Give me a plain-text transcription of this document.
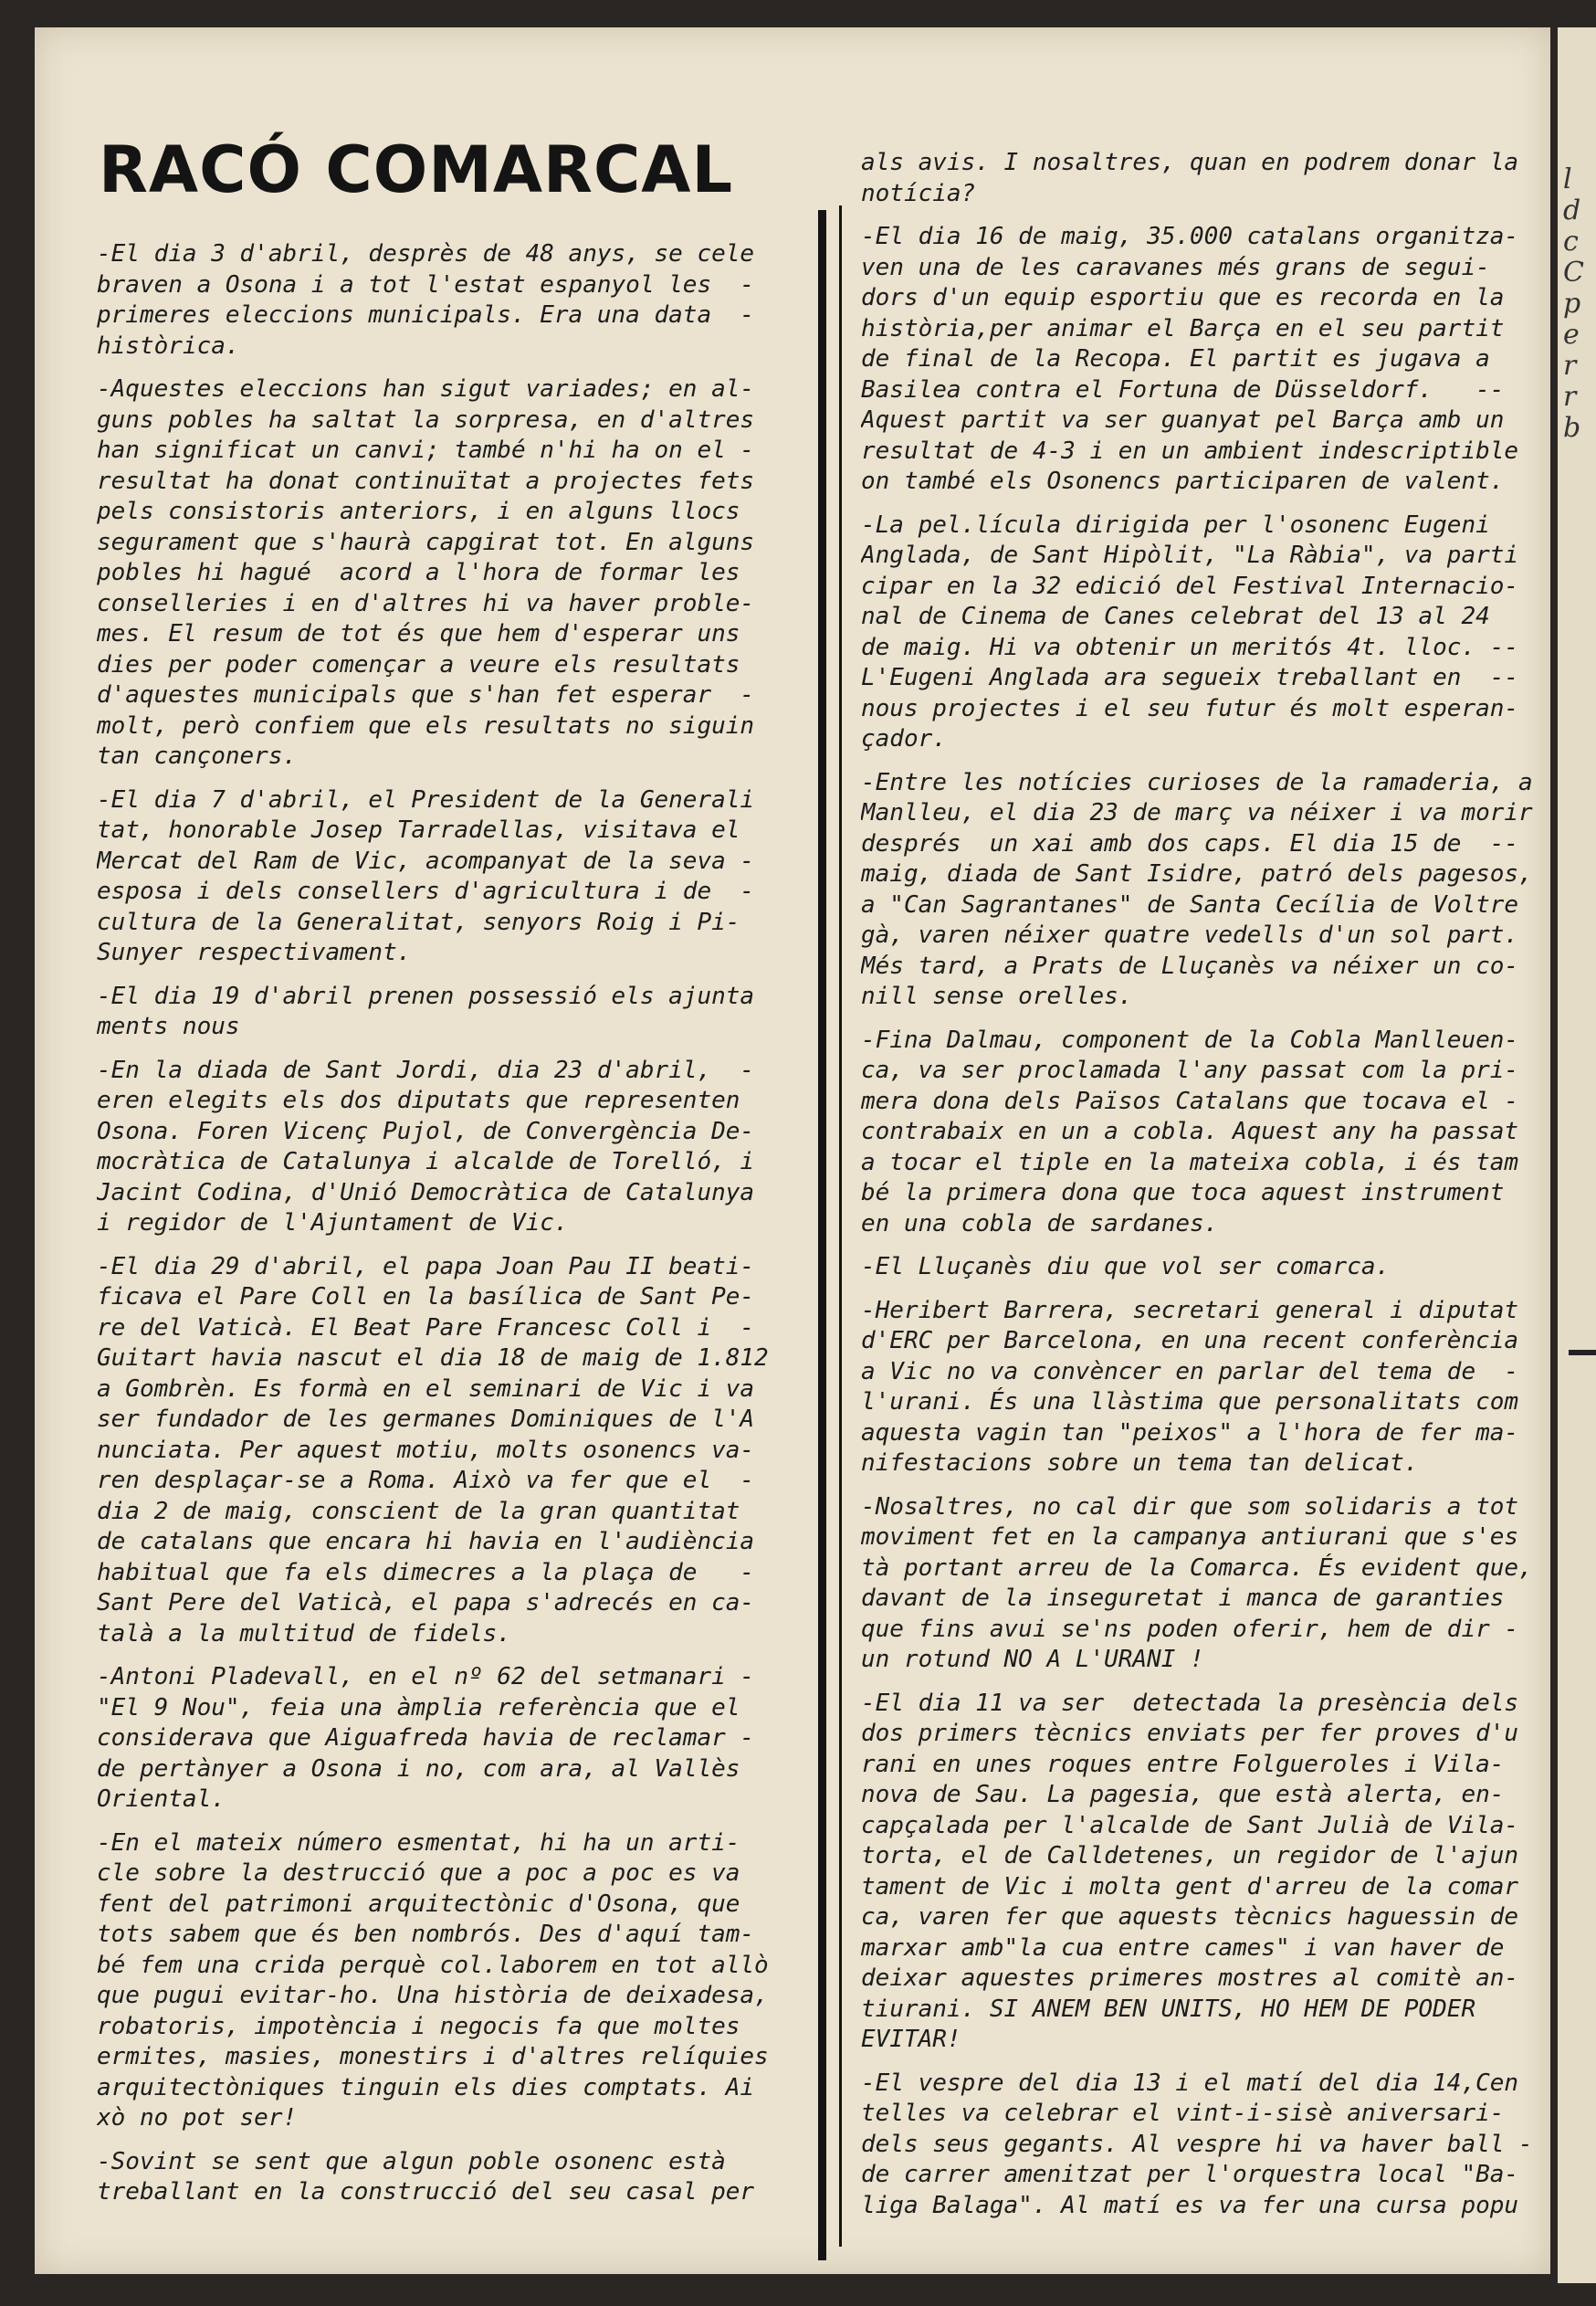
RACÓ COMARCAL

-El dia 3 d'abril, desprès de 48 anys, se cele
braven a Osona i a tot l'estat espanyol les  -
primeres eleccions municipals. Era una data  -
històrica.

-Aquestes eleccions han sigut variades; en al-
guns pobles ha saltat la sorpresa, en d'altres
han significat un canvi; també n'hi ha on el -
resultat ha donat continuïtat a projectes fets
pels consistoris anteriors, i en alguns llocs
segurament que s'haurà capgirat tot. En alguns
pobles hi hagué  acord a l'hora de formar les
conselleries i en d'altres hi va haver proble-
mes. El resum de tot és que hem d'esperar uns
dies per poder començar a veure els resultats
d'aquestes municipals que s'han fet esperar  -
molt, però confiem que els resultats no siguin
tan cançoners.

-El dia 7 d'abril, el President de la Generali
tat, honorable Josep Tarradellas, visitava el
Mercat del Ram de Vic, acompanyat de la seva -
esposa i dels consellers d'agricultura i de  -
cultura de la Generalitat, senyors Roig i Pi-
Sunyer respectivament.

-El dia 19 d'abril prenen possessió els ajunta
ments nous

-En la diada de Sant Jordi, dia 23 d'abril,  -
eren elegits els dos diputats que representen
Osona. Foren Vicenç Pujol, de Convergència De-
mocràtica de Catalunya i alcalde de Torelló, i
Jacint Codina, d'Unió Democràtica de Catalunya
i regidor de l'Ajuntament de Vic.

-El dia 29 d'abril, el papa Joan Pau II beati-
ficava el Pare Coll en la basílica de Sant Pe-
re del Vaticà. El Beat Pare Francesc Coll i  -
Guitart havia nascut el dia 18 de maig de 1.812
a Gombrèn. Es formà en el seminari de Vic i va
ser fundador de les germanes Dominiques de l'A
nunciata. Per aquest motiu, molts osonencs va-
ren desplaçar-se a Roma. Això va fer que el  -
dia 2 de maig, conscient de la gran quantitat
de catalans que encara hi havia en l'audiència
habitual que fa els dimecres a la plaça de   -
Sant Pere del Vaticà, el papa s'adrecés en ca-
talà a la multitud de fidels.

-Antoni Pladevall, en el nº 62 del setmanari -
"El 9 Nou", feia una àmplia referència que el
considerava que Aiguafreda havia de reclamar -
de pertànyer a Osona i no, com ara, al Vallès
Oriental.

-En el mateix número esmentat, hi ha un arti-
cle sobre la destrucció que a poc a poc es va
fent del patrimoni arquitectònic d'Osona, que
tots sabem que és ben nombrós. Des d'aquí tam-
bé fem una crida perquè col.laborem en tot allò
que pugui evitar-ho. Una història de deixadesa,
robatoris, impotència i negocis fa que moltes
ermites, masies, monestirs i d'altres relíquies
arquitectòniques tinguin els dies comptats. Ai
xò no pot ser!

-Sovint se sent que algun poble osonenc està
treballant en la construcció del seu casal per

als avis. I nosaltres, quan en podrem donar la
notícia?

-El dia 16 de maig, 35.000 catalans organitza-
ven una de les caravanes més grans de segui-
dors d'un equip esportiu que es recorda en la
història,per animar el Barça en el seu partit
de final de la Recopa. El partit es jugava a
Basilea contra el Fortuna de Düsseldorf.   --
Aquest partit va ser guanyat pel Barça amb un
resultat de 4-3 i en un ambient indescriptible
on també els Osonencs participaren de valent.

-La pel.lícula dirigida per l'osonenc Eugeni
Anglada, de Sant Hipòlit, "La Ràbia", va parti
cipar en la 32 edició del Festival Internacio-
nal de Cinema de Canes celebrat del 13 al 24
de maig. Hi va obtenir un meritós 4t. lloc. --
L'Eugeni Anglada ara segueix treballant en  --
nous projectes i el seu futur és molt esperan-
çador.

-Entre les notícies curioses de la ramaderia, a
Manlleu, el dia 23 de març va néixer i va morir
després  un xai amb dos caps. El dia 15 de  --
maig, diada de Sant Isidre, patró dels pagesos,
a "Can Sagrantanes" de Santa Cecília de Voltre
gà, varen néixer quatre vedells d'un sol part.
Més tard, a Prats de Lluçanès va néixer un co-
nill sense orelles.

-Fina Dalmau, component de la Cobla Manlleuen-
ca, va ser proclamada l'any passat com la pri-
mera dona dels Països Catalans que tocava el -
contrabaix en un a cobla. Aquest any ha passat
a tocar el tiple en la mateixa cobla, i és tam
bé la primera dona que toca aquest instrument
en una cobla de sardanes.

-El Lluçanès diu que vol ser comarca.

-Heribert Barrera, secretari general i diputat
d'ERC per Barcelona, en una recent conferència
a Vic no va convèncer en parlar del tema de  -
l'urani. És una llàstima que personalitats com
aquesta vagin tan "peixos" a l'hora de fer ma-
nifestacions sobre un tema tan delicat.

-Nosaltres, no cal dir que som solidaris a tot
moviment fet en la campanya antiurani que s'es
tà portant arreu de la Comarca. És evident que,
davant de la inseguretat i manca de garanties
que fins avui se'ns poden oferir, hem de dir -
un rotund NO A L'URANI !

-El dia 11 va ser  detectada la presència dels
dos primers tècnics enviats per fer proves d'u
rani en unes roques entre Folgueroles i Vila-
nova de Sau. La pagesia, que està alerta, en-
capçalada per l'alcalde de Sant Julià de Vila-
torta, el de Calldetenes, un regidor de l'ajun
tament de Vic i molta gent d'arreu de la comar
ca, varen fer que aquests tècnics haguessin de
marxar amb"la cua entre cames" i van haver de
deixar aquestes primeres mostres al comitè an-
tiurani. SI ANEM BEN UNITS, HO HEM DE PODER
EVITAR!

-El vespre del dia 13 i el matí del dia 14,Cen
telles va celebrar el vint-i-sisè aniversari-
dels seus gegants. Al vespre hi va haver ball -
de carrer amenitzat per l'orquestra local "Ba-
liga Balaga". Al matí es va fer una cursa popu

l
d
c
C
p
e
r
r
b
